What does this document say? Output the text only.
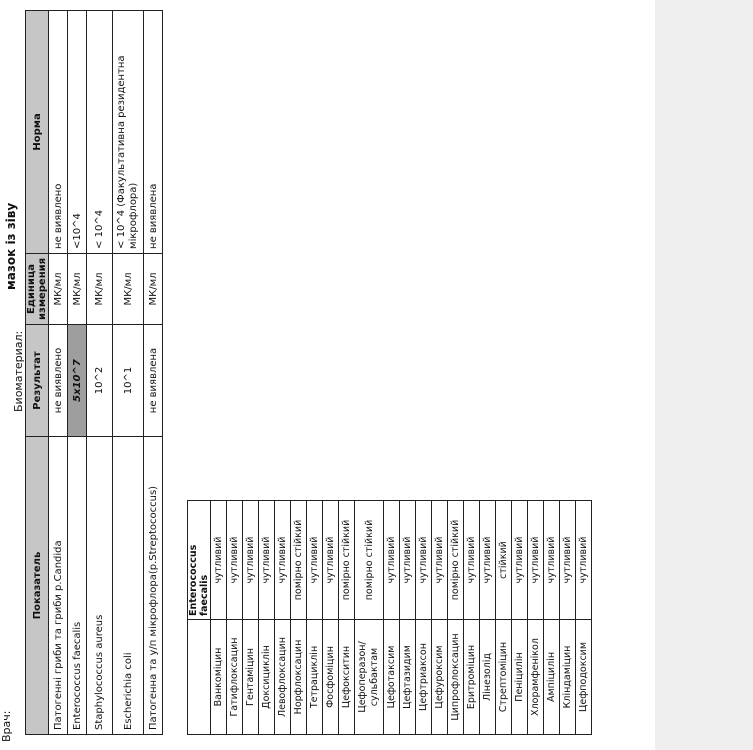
Врач:
Биоматериал:
мазок із зіву
Показатель	Результат	Единица измерения	Норма

Патогенні гриби та гриби p.Candida	не виявлено	МК/мл	не виявлено
Enterococcus faecalis	5x10^7	МК/мл	<10^4
Staphylococcus aureus	10^2	МК/мл	< 10^4
Escherichia coli	10^1	МК/мл	< 10^4 (Факультативна резидентна мікрофлора)
Патогенна та у/п мікрофлора(p.Streptococcus)	не виявлена	МК/мл	не виявлена
	Enterococcus faecalis
Ванкоміцин	чутливий
Гатифлоксацин	чутливий
Гентаміцин	чутливий
Доксициклін	чутливий
Левофлоксацин	чутливий
Норфлоксацин	помірно стійкий
Тетрациклін	чутливий
Фосфоміцин	чутливий
Цефокситин	помірно стійкий
Цефоперазон/сульбактам	помірно стійкий
Цефотаксим	чутливий
Цефтазидим	чутливий
Цефтриаксон	чутливий
Цефуроксим	чутливий
Ципрофлоксацин	помірно стійкий
Еритроміцин	чутливий
Лінезолід	чутливий
Стрептоміцин	стійкий
Пеніцилін	чутливий
Хлорамфенікол	чутливий
Ампіцилін	чутливий
Кліндаміцин	чутливий
Цефподоксим	чутливий
